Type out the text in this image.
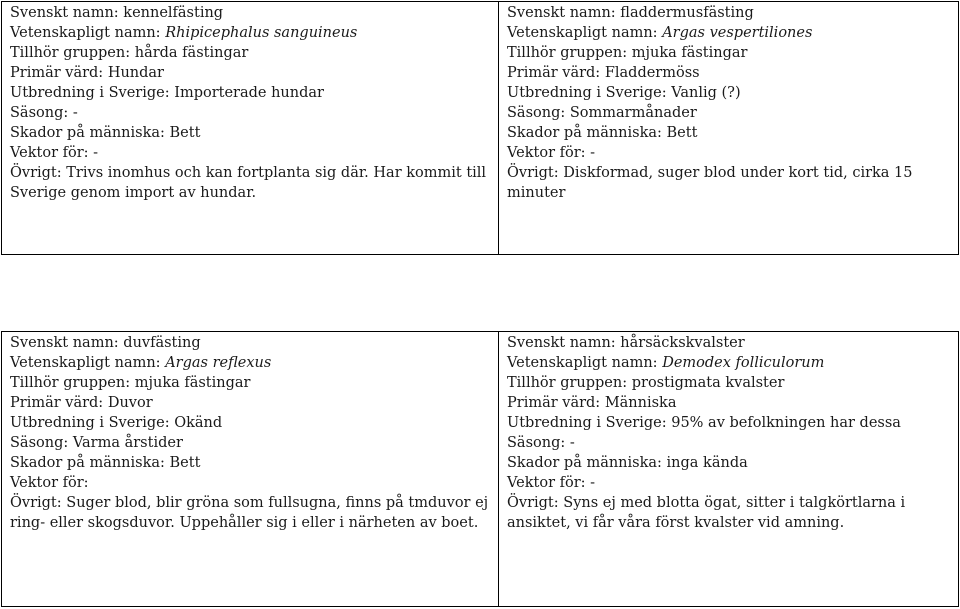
Svenskt namn: kennelfästing
Vetenskapligt namn: Rhipicephalus sanguineus
Tillhör gruppen: hårda fästingar
Primär värd: Hundar
Utbredning i Sverige: Importerade hundar
Säsong: -
Skador på människa: Bett
Vektor för: -
Övrigt: Trivs inomhus och kan fortplanta sig där. Har kommit till Sverige genom import av hundar.

Svenskt namn: fladdermusfästing
Vetenskapligt namn: Argas vespertiliones
Tillhör gruppen: mjuka fästingar
Primär värd: Fladdermöss
Utbredning i Sverige: Vanlig (?)
Säsong: Sommarmånader
Skador på människa: Bett
Vektor för: -
Övrigt: Diskformad, suger blod under kort tid, cirka 15 minuter
Svenskt namn: duvfästing
Vetenskapligt namn: Argas reflexus
Tillhör gruppen: mjuka fästingar
Primär värd: Duvor
Utbredning i Sverige: Okänd
Säsong: Varma årstider
Skador på människa: Bett
Vektor för:
Övrigt: Suger blod, blir gröna som fullsugna, finns på tmduvor ej ring- eller skogsduvor. Uppehåller sig i eller i närheten av boet.

Svenskt namn: hårsäckskvalster
Vetenskapligt namn: Demodex folliculorum
Tillhör gruppen: prostigmata kvalster
Primär värd: Människa
Utbredning i Sverige: 95% av befolkningen har dessa
Säsong: -
Skador på människa: inga kända
Vektor för: -
Övrigt: Syns ej med blotta ögat, sitter i talgkörtlarna i ansiktet, vi får våra först kvalster vid amning.
